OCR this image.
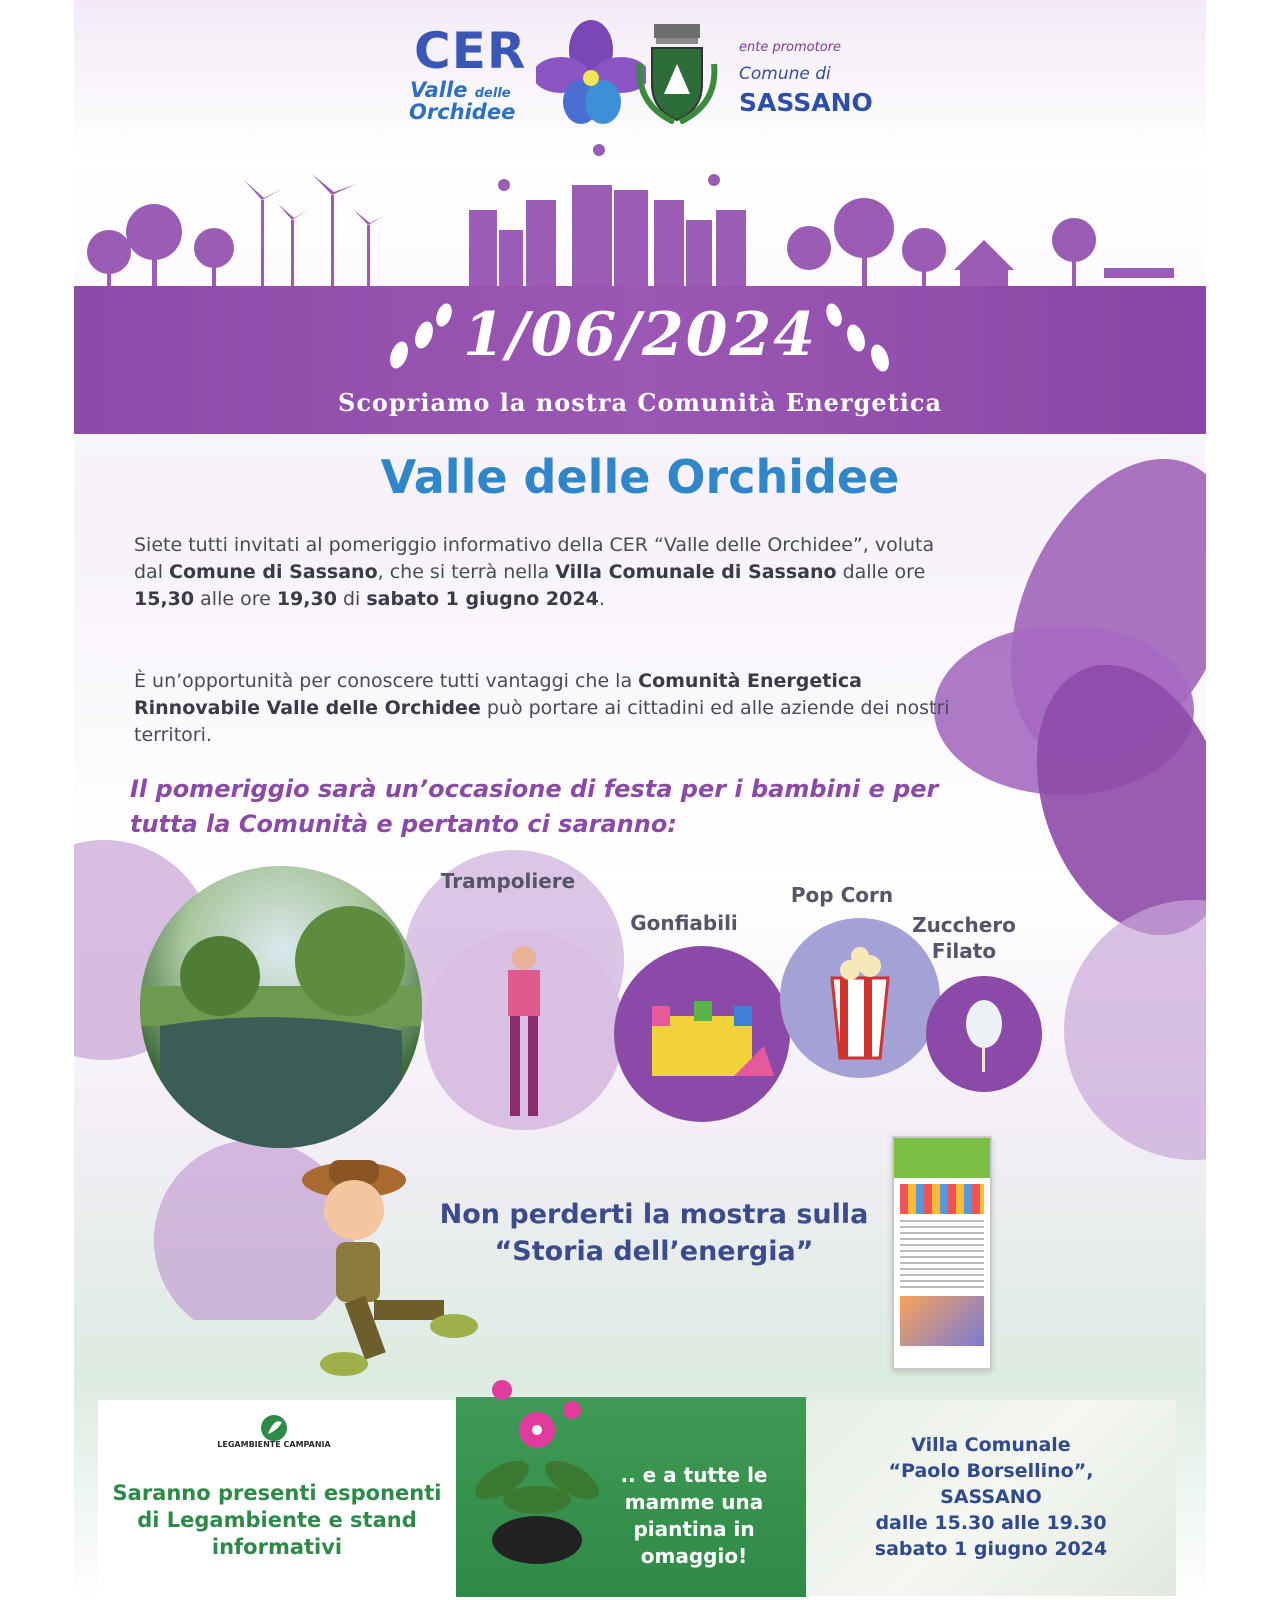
CER
Valle delle
Orchidee
ente promotore
Comune di
SASSANO
1/06/2024
Scopriamo la nostra Comunità Energetica
Valle delle Orchidee
Siete tutti invitati al pomeriggio informativo della CER “Valle delle Orchidee”, voluta dal Comune di Sassano, che si terrà nella Villa Comunale di Sassano dalle ore 15,30 alle ore 19,30 di sabato 1 giugno 2024.
È un’opportunità per conoscere tutti vantaggi che la Comunità Energetica Rinnovabile Valle delle Orchidee può portare ai cittadini ed alle aziende dei nostri territori.
Il pomeriggio sarà un’occasione di festa per i bambini e per tutta la Comunità e pertanto ci saranno:
Trampoliere
Gonfiabili
Pop Corn
Zucchero Filato
Non perderti la mostra sulla
“Storia dell’energia”
LEGAMBIENTE CAMPANIA
Saranno presenti esponenti di Legambiente e stand informativi
.. e a tutte le mamme una piantina in omaggio!
Villa Comunale
“Paolo Borsellino”,
SASSANO
dalle 15.30 alle 19.30
sabato 1 giugno 2024
